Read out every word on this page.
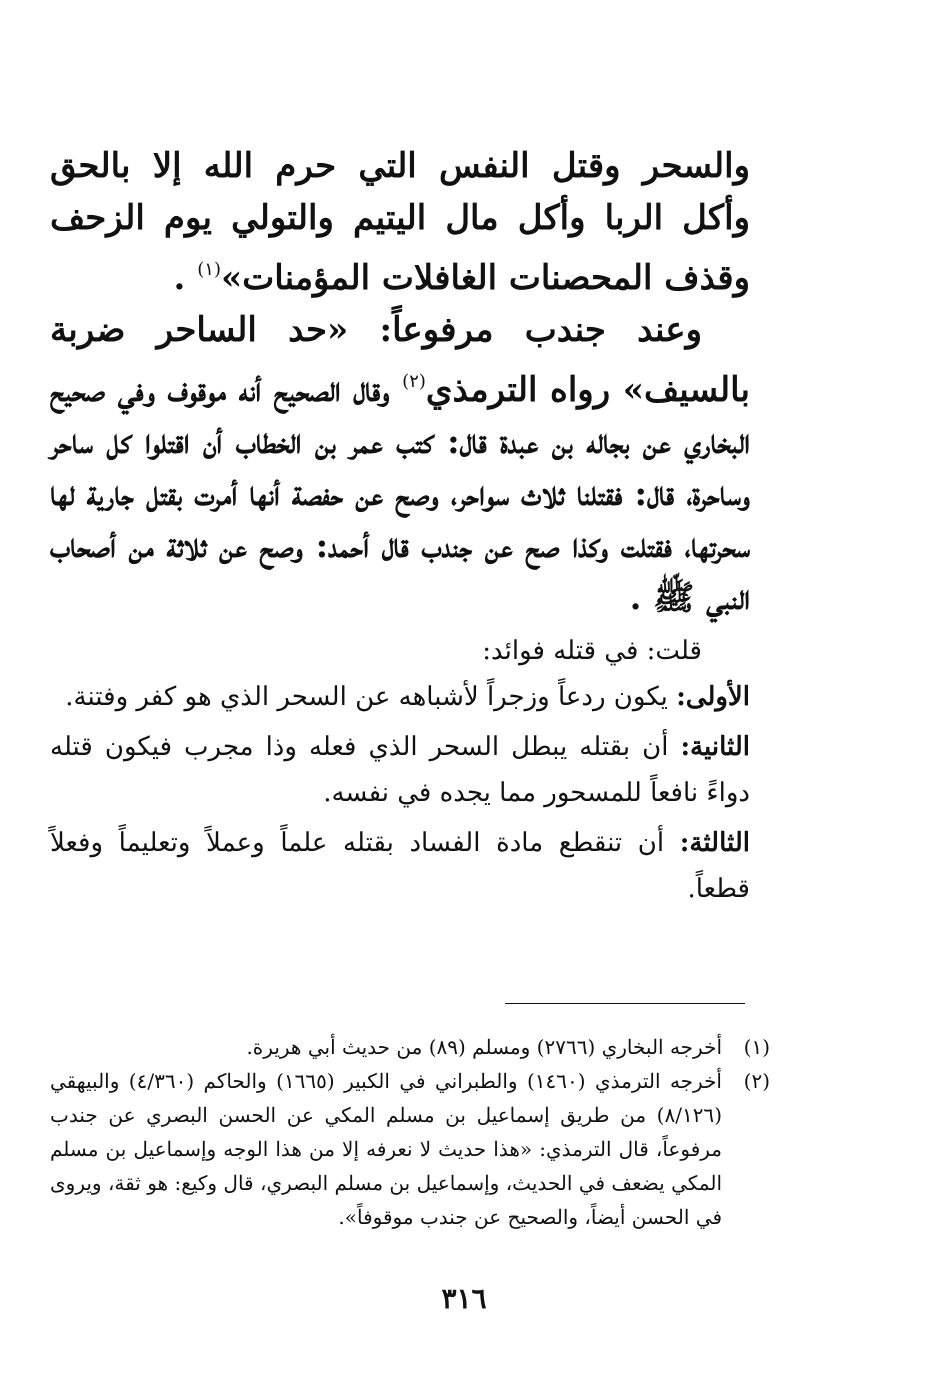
والسحر وقتل النفس التي حرم الله إلا بالحق وأكل الربا وأكل مال اليتيم والتولي يوم الزحف وقذف المحصنات الغافلات المؤمنات»$^{(١)}$ .

وعند جندب مرفوعاً: «حد الساحر ضربة بالسيف» رواه الترمذي$^{(٢)}$ وقال الصحيح أنه موقوف وفي صحيح البخاري عن بجاله بن عبدة قال: كتب عمر بن الخطاب أن اقتلوا كل ساحر وساحرة، قال: فقتلنا ثلاث سواحر، وصح عن حفصة أنها أمرت بقتل جارية لها سحرتها، فقتلت وكذا صح عن جندب قال أحمد: وصح عن ثلاثة من أصحاب النبي ﷺ .

قلت: في قتله فوائد:

الأولى: يكون ردعاً وزجراً لأشباهه عن السحر الذي هو كفر وفتنة.

الثانية: أن بقتله يبطل السحر الذي فعله وذا مجرب فيكون قتله دواءً نافعاً للمسحور مما يجده في نفسه.

الثالثة: أن تنقطع مادة الفساد بقتله علماً وعملاً وتعليماً وفعلاً قطعاً.

(١)
أخرجه البخاري (٢٧٦٦) ومسلم (٨٩) من حديث أبي هريرة.
(٢)
أخرجه الترمذي (١٤٦٠) والطبراني في الكبير (١٦٦٥) والحاكم (٤/٣٦٠) والبيهقي (٨/١٢٦) من طريق إسماعيل بن مسلم المكي عن الحسن البصري عن جندب مرفوعاً، قال الترمذي: «هذا حديث لا نعرفه إلا من هذا الوجه وإسماعيل بن مسلم المكي يضعف في الحديث، وإسماعيل بن مسلم البصري، قال وكيع: هو ثقة، ويروى في الحسن أيضاً، والصحيح عن جندب موقوفاً».
٣١٦
